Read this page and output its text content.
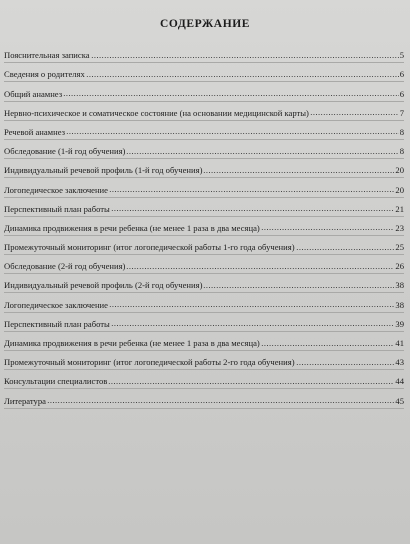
СОДЕРЖАНИЕ
Пояснительная записка	5
Сведения о родителях	6
Общий анамнез	6
Нервно-психическое и соматическое состояние (на основании медицинской карты)	7
Речевой анамнез	8
Обследование (1-й год обучения)	8
Индивидуальный речевой профиль (1-й год обучения)	20
Логопедическое заключение	20
Перспективный план работы	21
Динамика продвижения в речи ребенка (не менее 1 раза в два месяца)	23
Промежуточный мониторинг (итог логопедической работы 1-го года обучения)	25
Обследование (2-й год обучения)	26
Индивидуальный речевой профиль (2-й год обучения)	38
Логопедическое заключение	38
Перспективный план работы	39
Динамика продвижения в речи ребенка (не менее 1 раза в два месяца)	41
Промежуточный мониторинг (итог логопедической работы 2-го года обучения)	43
Консультации специалистов	44
Литература	45
